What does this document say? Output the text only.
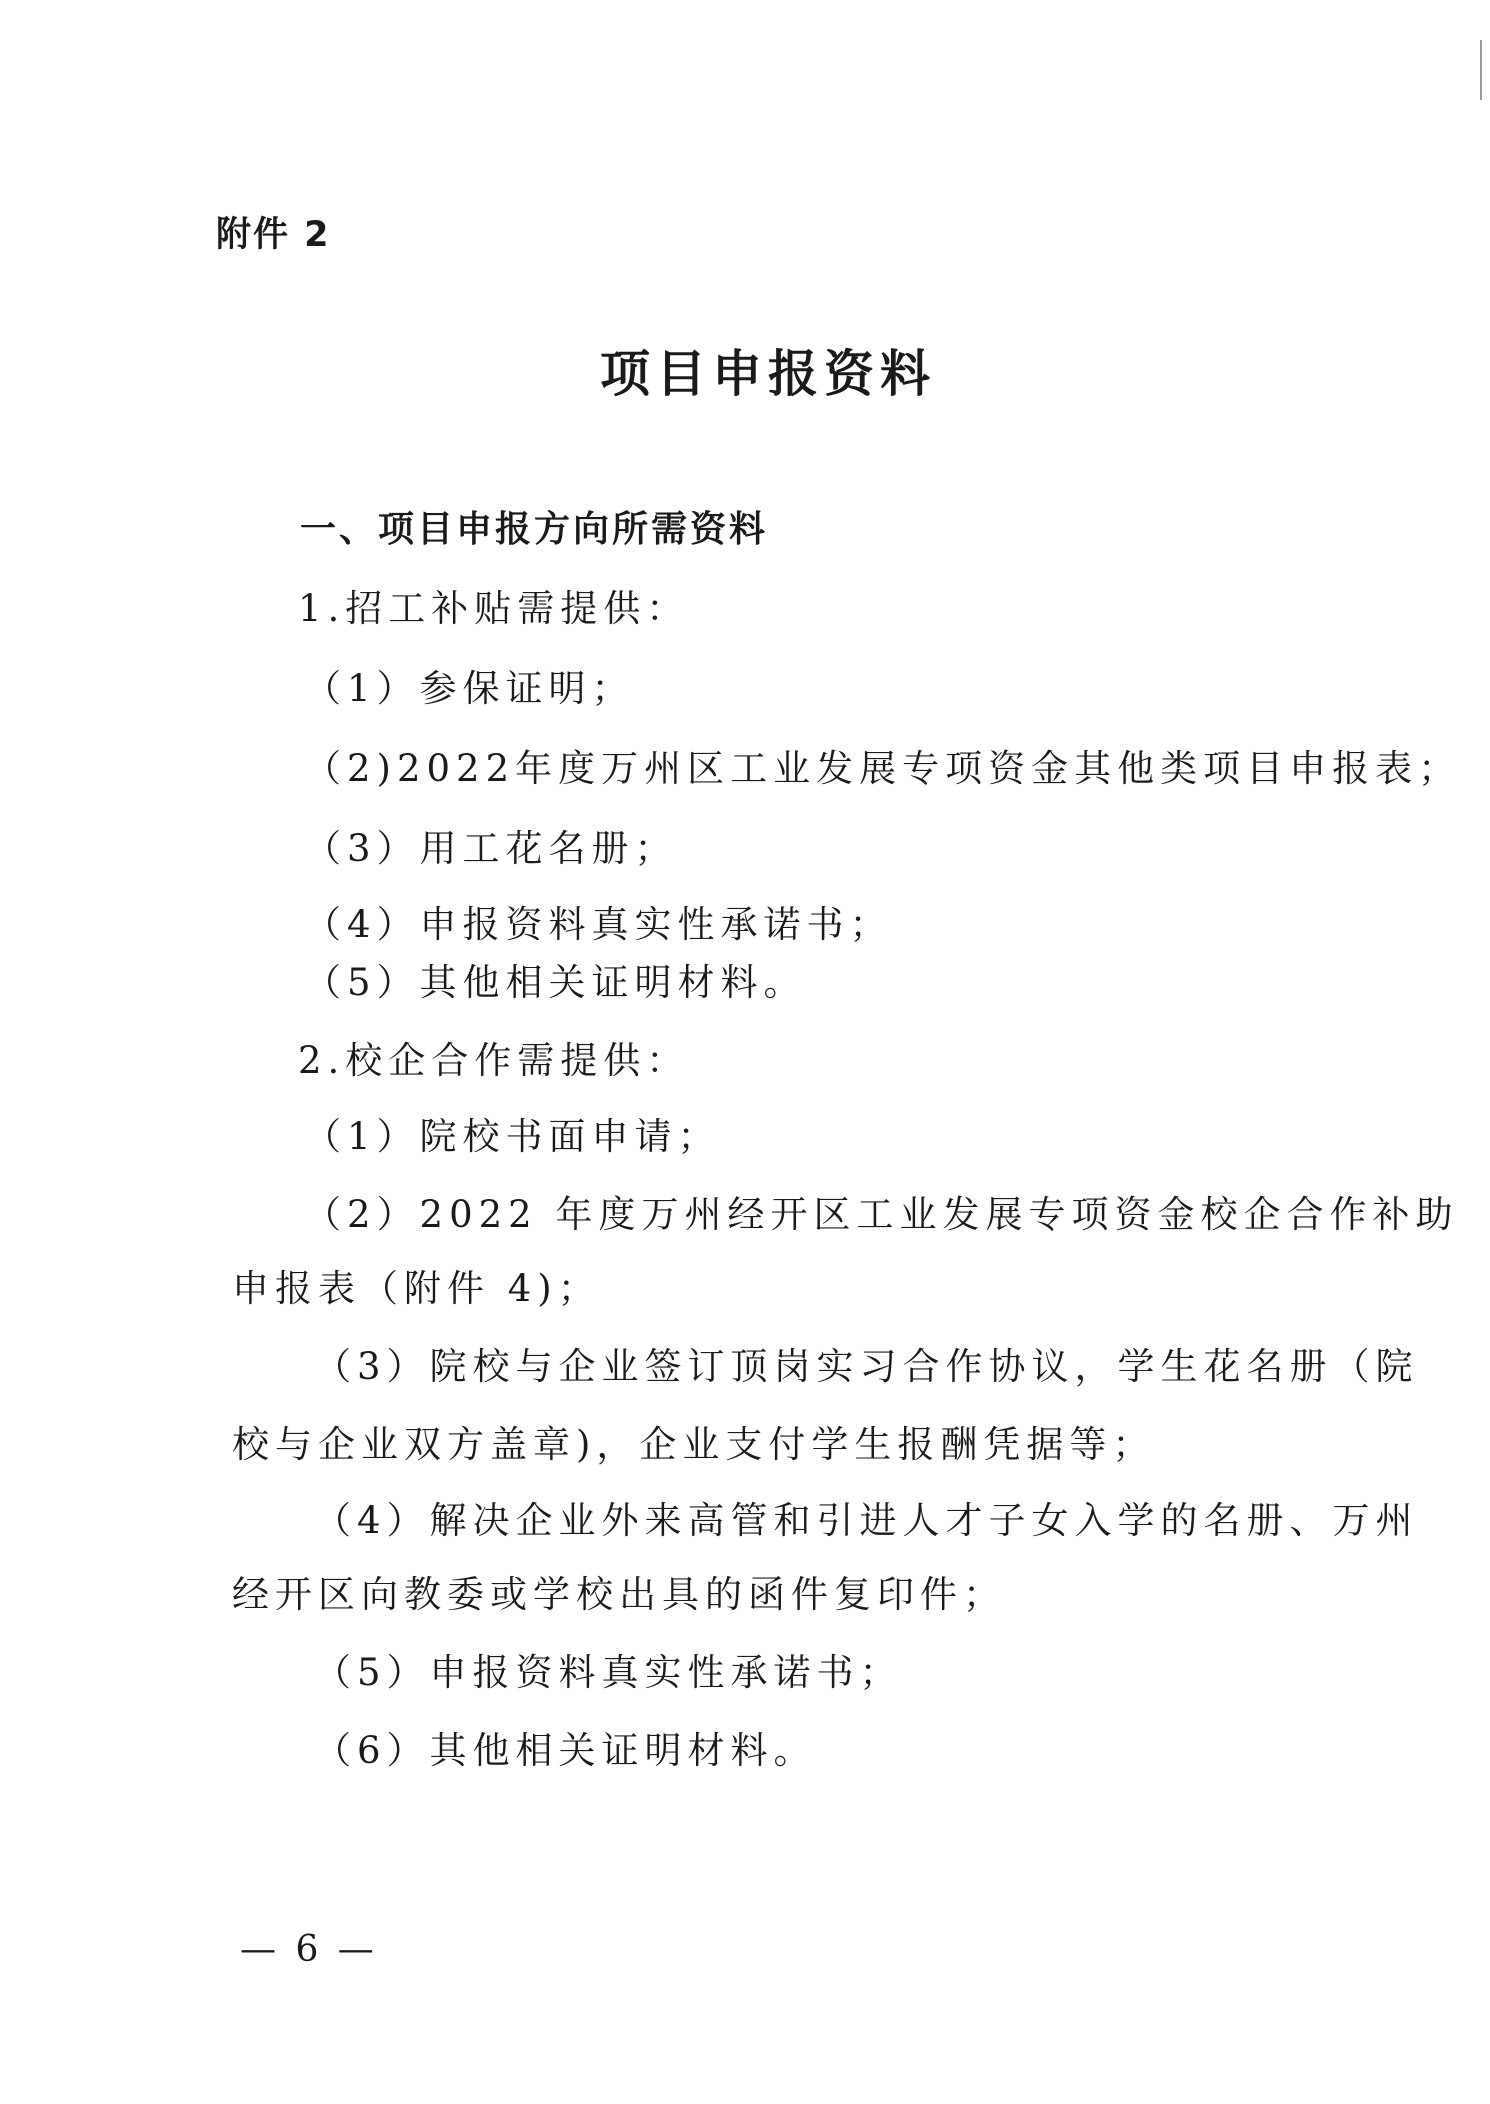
附件 2
项目申报资料
一、项目申报方向所需资料
1.招工补贴需提供：
（1）参保证明；
（2)2022年度万州区工业发展专项资金其他类项目申报表；
（3）用工花名册；
（4）申报资料真实性承诺书；
（5）其他相关证明材料。
2.校企合作需提供：
（1）院校书面申请；
（2）2022 年度万州经开区工业发展专项资金校企合作补助
申报表（附件 4)；
（3）院校与企业签订顶岗实习合作协议，学生花名册（院
校与企业双方盖章)，企业支付学生报酬凭据等；
（4）解决企业外来高管和引进人才子女入学的名册、万州
经开区向教委或学校出具的函件复印件；
（5）申报资料真实性承诺书；
（6）其他相关证明材料。
— 6 —
